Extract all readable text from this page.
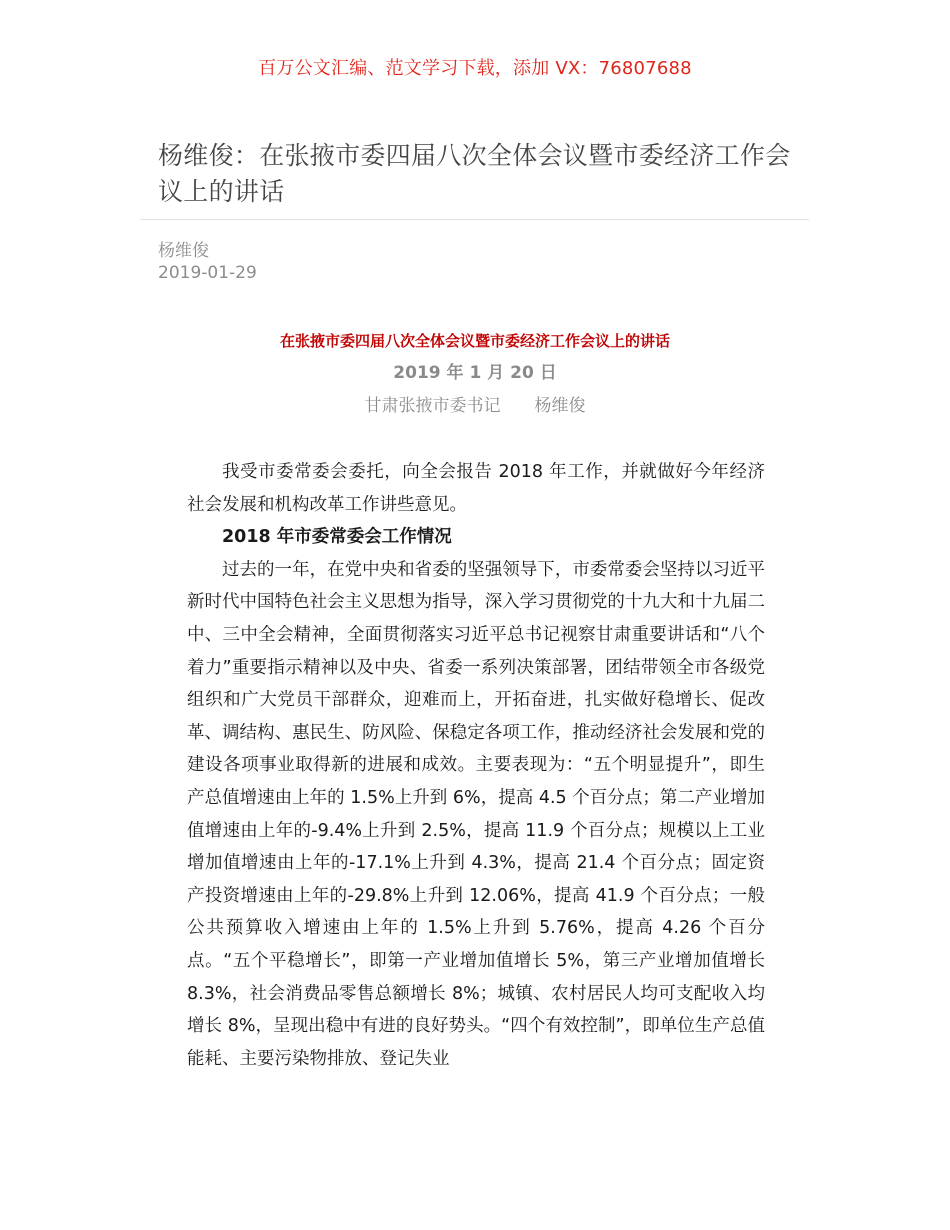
百万公文汇编、范文学习下载，添加 VX：76807688
杨维俊：在张掖市委四届八次全体会议暨市委经济工作会议上的讲话
杨维俊
2019-01-29
在张掖市委四届八次全体会议暨市委经济工作会议上的讲话
2019 年 1 月 20 日
甘肃张掖市委书记 杨维俊

我受市委常委会委托，向全会报告 2018 年工作，并就做好今年经济社会发展和机构改革工作讲些意见。

2018 年市委常委会工作情况

过去的一年，在党中央和省委的坚强领导下，市委常委会坚持以习近平新时代中国特色社会主义思想为指导，深入学习贯彻党的十九大和十九届二中、三中全会精神，全面贯彻落实习近平总书记视察甘肃重要讲话和“八个着力”重要指示精神以及中央、省委一系列决策部署，团结带领全市各级党组织和广大党员干部群众，迎难而上，开拓奋进，扎实做好稳增长、促改革、调结构、惠民生、防风险、保稳定各项工作，推动经济社会发展和党的建设各项事业取得新的进展和成效。主要表现为：“五个明显提升”，即生产总值增速由上年的 1.5%上升到 6%，提高 4.5 个百分点；第二产业增加值增速由上年的-9.4%上升到 2.5%，提高 11.9 个百分点；规模以上工业增加值增速由上年的-17.1%上升到 4.3%，提高 21.4 个百分点；固定资产投资增速由上年的-29.8%上升到 12.06%，提高 41.9 个百分点；一般公共预算收入增速由上年的 1.5%上升到 5.76%，提高 4.26 个百分点。“五个平稳增长”，即第一产业增加值增长 5%，第三产业增加值增长 8.3%，社会消费品零售总额增长 8%；城镇、农村居民人均可支配收入均增长 8%，呈现出稳中有进的良好势头。“四个有效控制”，即单位生产总值能耗、主要污染物排放、登记失业
